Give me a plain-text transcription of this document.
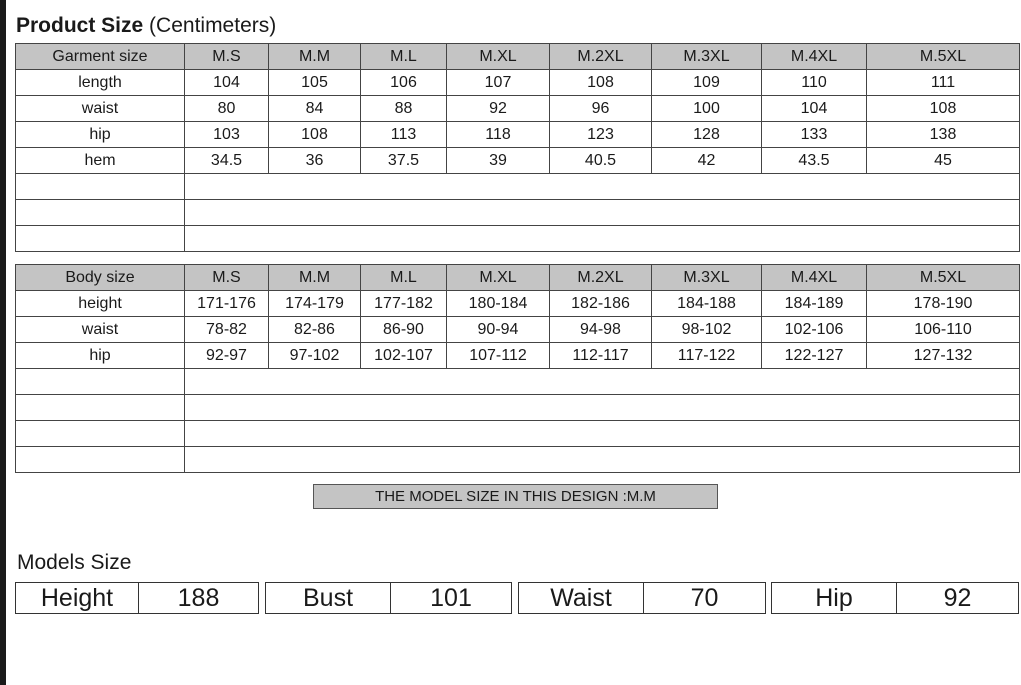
Product Size (Centimeters)
Garment size	M.S	M.M	M.L	M.XL	M.2XL	M.3XL	M.4XL	M.5XL
length	104	105	106	107	108	109	110	111
waist	80	84	88	92	96	100	104	108
hip	103	108	113	118	123	128	133	138
hem	34.5	36	37.5	39	40.5	42	43.5	45

Body size	M.S	M.M	M.L	M.XL	M.2XL	M.3XL	M.4XL	M.5XL
height	171-176	174-179	177-182	180-184	182-186	184-188	184-189	178-190
waist	78-82	82-86	86-90	90-94	94-98	98-102	102-106	106-110
hip	92-97	97-102	102-107	107-112	112-117	117-122	122-127	127-132

THE MODEL SIZE IN THIS DESIGN :M.M
Models Size
Height	188	Bust	101	Waist	70	Hip	92
